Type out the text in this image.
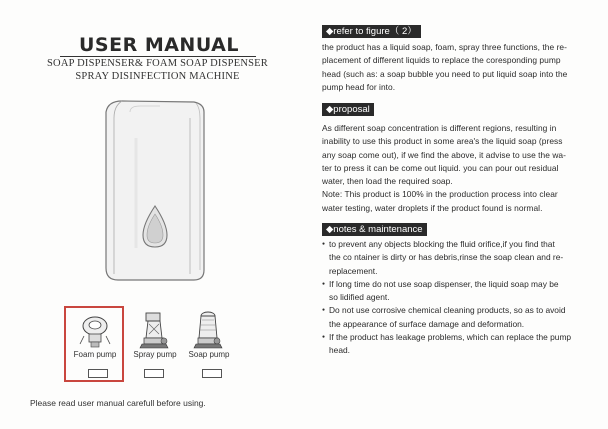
USER MANUAL
SOAP DISPENSER& FOAM SOAP DISPENSER
SPRAY DISINFECTION MACHINE
Foam pump	Spray pump	Soap pump
Please read user manual carefull before using.
◆refer to figure（ 2）
the product has a liquid soap, foam, spray three functions, the re-
placement of different liquids to replace the coresponding pump
head (such as: a soap bubble you need to put liquid soap into the
pump head for into.
◆proposal
As different soap concentration is different regions, resulting in
inability to use this product in some area's the liquid soap (press
any soap come out), if we find the above, it advise to use the wa-
ter to press it can be come out liquid. you can pour out residual
water, then load the required soap.
Note: This product is 100% in the production process into clear
water testing, water droplets if the product found is normal.
◆notes & maintenance
● to prevent any objects blocking the fluid orifice,if you find that
the co ntainer is dirty or has debris,rinse the soap clean and re-
replacement.
● If long time do not use soap dispenser, the liquid soap may be
so lidified agent.
● Do not use corrosive chemical cleaning products, so as to avoid
the appearance of surface damage and deformation.
● If the product has leakage problems, which can replace the pump
head.
